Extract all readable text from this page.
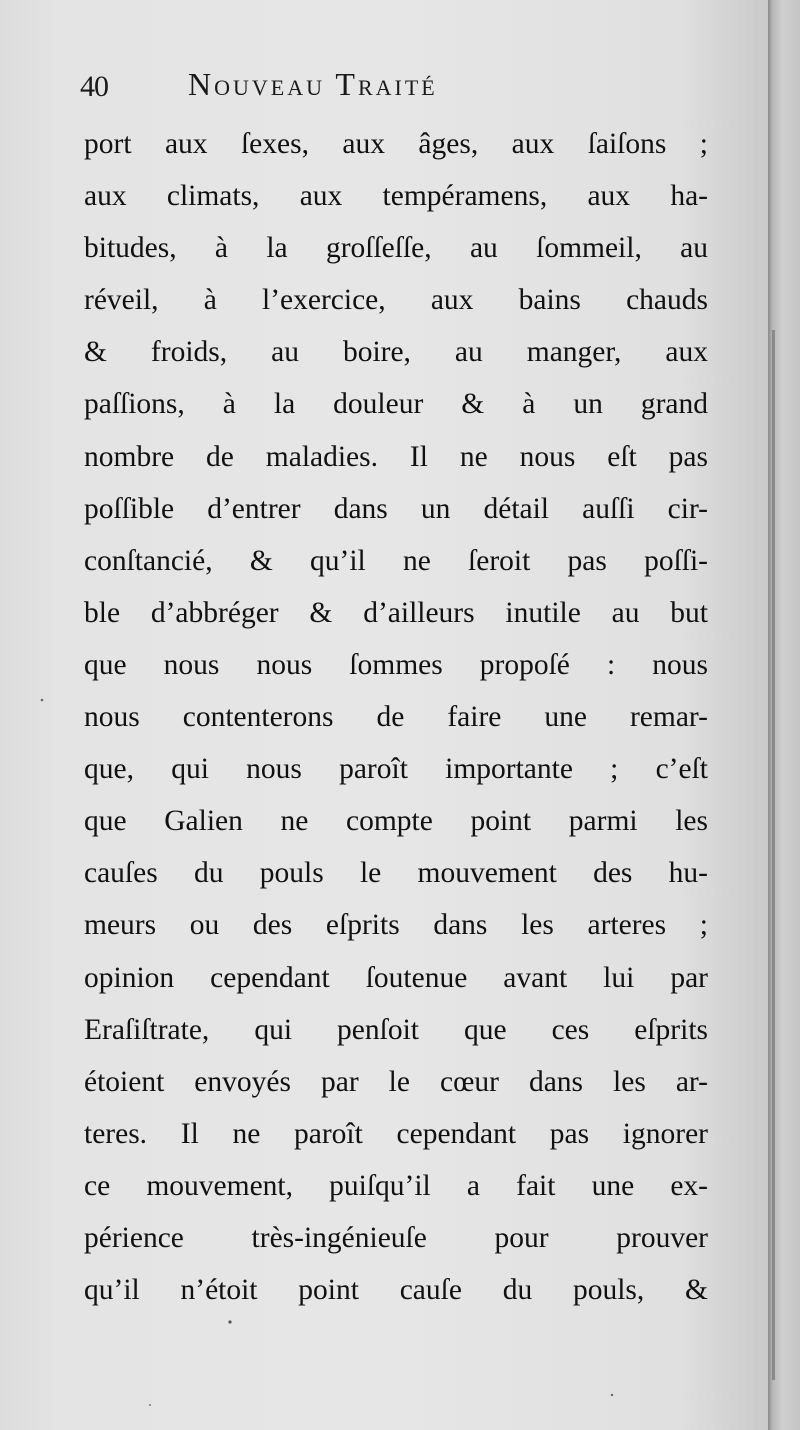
40	Nouveau Traité
port aux ſexes, aux âges, aux ſaiſons ;
aux climats, aux tempéramens, aux ha-
bitudes, à la groſſeſſe, au ſommeil, au
réveil, à l’exercice, aux bains chauds
& froids, au boire, au manger, aux
paſſions, à la douleur & à un grand
nombre de maladies. Il ne nous eſt pas
poſſible d’entrer dans un détail auſſi cir-
conſtancié, & qu’il ne ſeroit pas poſſi-
ble d’abbréger & d’ailleurs inutile au but
que nous nous ſommes propoſé : nous
nous contenterons de faire une remar-
que, qui nous paroît importante ; c’eſt
que Galien ne compte point parmi les
cauſes du pouls le mouvement des hu-
meurs ou des eſprits dans les arteres ;
opinion cependant ſoutenue avant lui par
Eraſiſtrate, qui penſoit que ces eſprits
étoient envoyés par le cœur dans les ar-
teres. Il ne paroît cependant pas ignorer
ce mouvement, puiſqu’il a fait une ex-
périence très-ingénieuſe pour prouver
qu’il n’étoit point cauſe du pouls, &
